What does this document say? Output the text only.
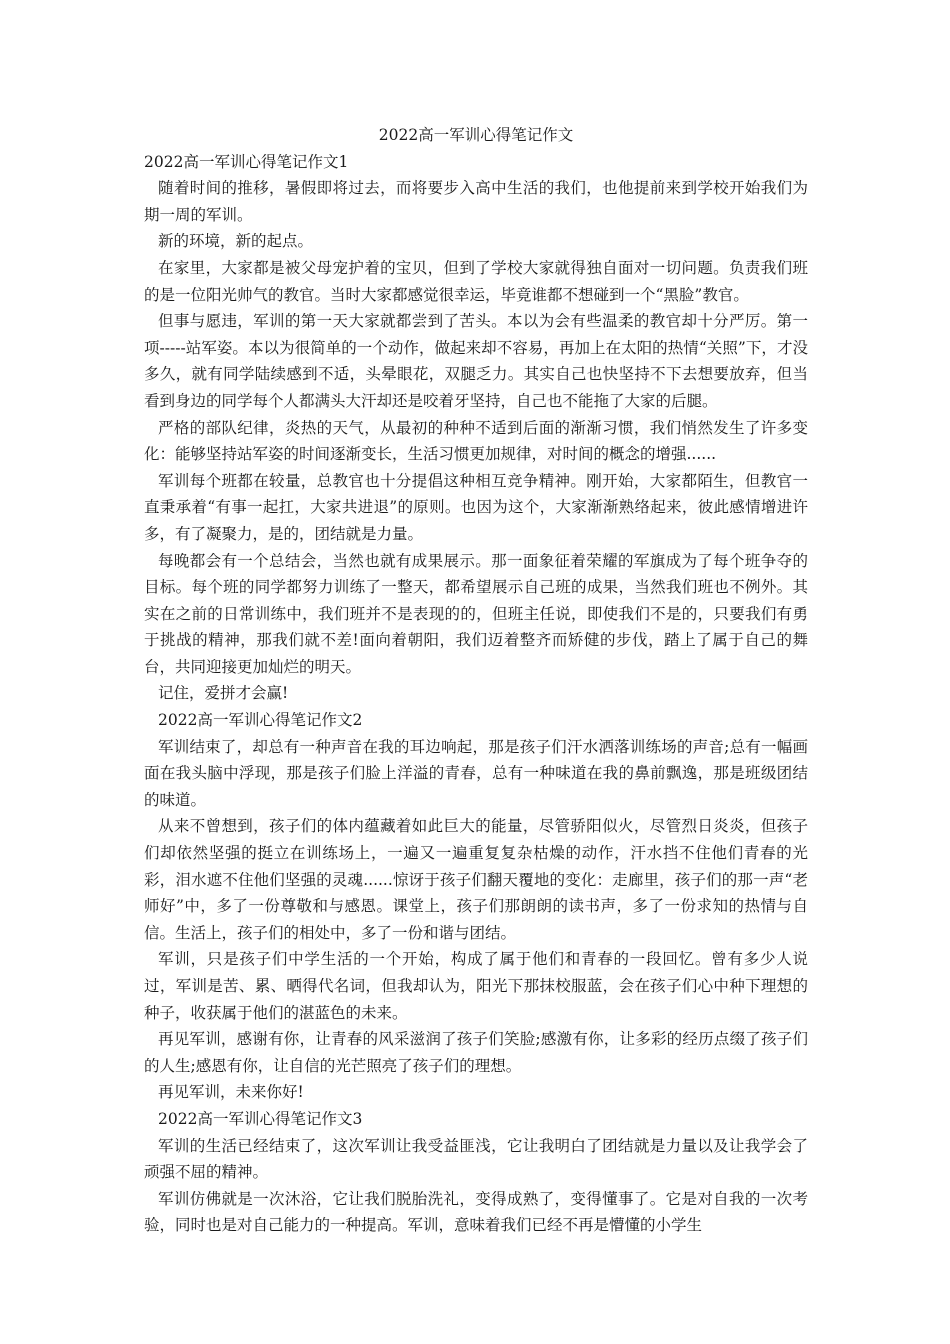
2022高一军训心得笔记作文
2022高一军训心得笔记作文1

随着时间的推移，暑假即将过去，而将要步入高中生活的我们，也他提前来到学校开始我们为期一周的军训。

新的环境，新的起点。

在家里，大家都是被父母宠护着的宝贝，但到了学校大家就得独自面对一切问题。负责我们班的是一位阳光帅气的教官。当时大家都感觉很幸运，毕竟谁都不想碰到一个“黑脸”教官。

但事与愿违，军训的第一天大家就都尝到了苦头。本以为会有些温柔的教官却十分严厉。第一项-----站军姿。本以为很简单的一个动作，做起来却不容易，再加上在太阳的热情“关照”下，才没多久，就有同学陆续感到不适，头晕眼花，双腿乏力。其实自己也快坚持不下去想要放弃，但当看到身边的同学每个人都满头大汗却还是咬着牙坚持，自己也不能拖了大家的后腿。

严格的部队纪律，炎热的天气，从最初的种种不适到后面的渐渐习惯，我们悄然发生了许多变化：能够坚持站军姿的时间逐渐变长，生活习惯更加规律，对时间的概念的增强......

军训每个班都在较量，总教官也十分提倡这种相互竞争精神。刚开始，大家都陌生，但教官一直秉承着“有事一起扛，大家共进退”的原则。也因为这个，大家渐渐熟络起来，彼此感情增进许多，有了凝聚力，是的，团结就是力量。

每晚都会有一个总结会，当然也就有成果展示。那一面象征着荣耀的军旗成为了每个班争夺的目标。每个班的同学都努力训练了一整天，都希望展示自己班的成果，当然我们班也不例外。其实在之前的日常训练中，我们班并不是表现的的，但班主任说，即使我们不是的，只要我们有勇于挑战的精神，那我们就不差!面向着朝阳，我们迈着整齐而矫健的步伐，踏上了属于自己的舞台，共同迎接更加灿烂的明天。

记住，爱拼才会赢!

2022高一军训心得笔记作文2

军训结束了，却总有一种声音在我的耳边响起，那是孩子们汗水洒落训练场的声音;总有一幅画面在我头脑中浮现，那是孩子们脸上洋溢的青春，总有一种味道在我的鼻前飘逸，那是班级团结的味道。

从来不曾想到，孩子们的体内蕴藏着如此巨大的能量，尽管骄阳似火，尽管烈日炎炎，但孩子们却依然坚强的挺立在训练场上，一遍又一遍重复复杂枯燥的动作，汗水挡不住他们青春的光彩，泪水遮不住他们坚强的灵魂......惊讶于孩子们翻天覆地的变化：走廊里，孩子们的那一声“老师好”中，多了一份尊敬和与感恩。课堂上，孩子们那朗朗的读书声，多了一份求知的热情与自信。生活上，孩子们的相处中，多了一份和谐与团结。

军训，只是孩子们中学生活的一个开始，构成了属于他们和青春的一段回忆。曾有多少人说过，军训是苦、累、晒得代名词，但我却认为，阳光下那抹校服蓝，会在孩子们心中种下理想的种子，收获属于他们的湛蓝色的未来。

再见军训，感谢有你，让青春的风采滋润了孩子们笑脸;感激有你，让多彩的经历点缀了孩子们的人生;感恩有你，让自信的光芒照亮了孩子们的理想。

再见军训，未来你好!

2022高一军训心得笔记作文3

军训的生活已经结束了，这次军训让我受益匪浅，它让我明白了团结就是力量以及让我学会了顽强不屈的精神。

军训仿佛就是一次沐浴，它让我们脱胎洗礼，变得成熟了，变得懂事了。它是对自我的一次考验，同时也是对自己能力的一种提高。军训，意味着我们已经不再是懵懂的小学生
